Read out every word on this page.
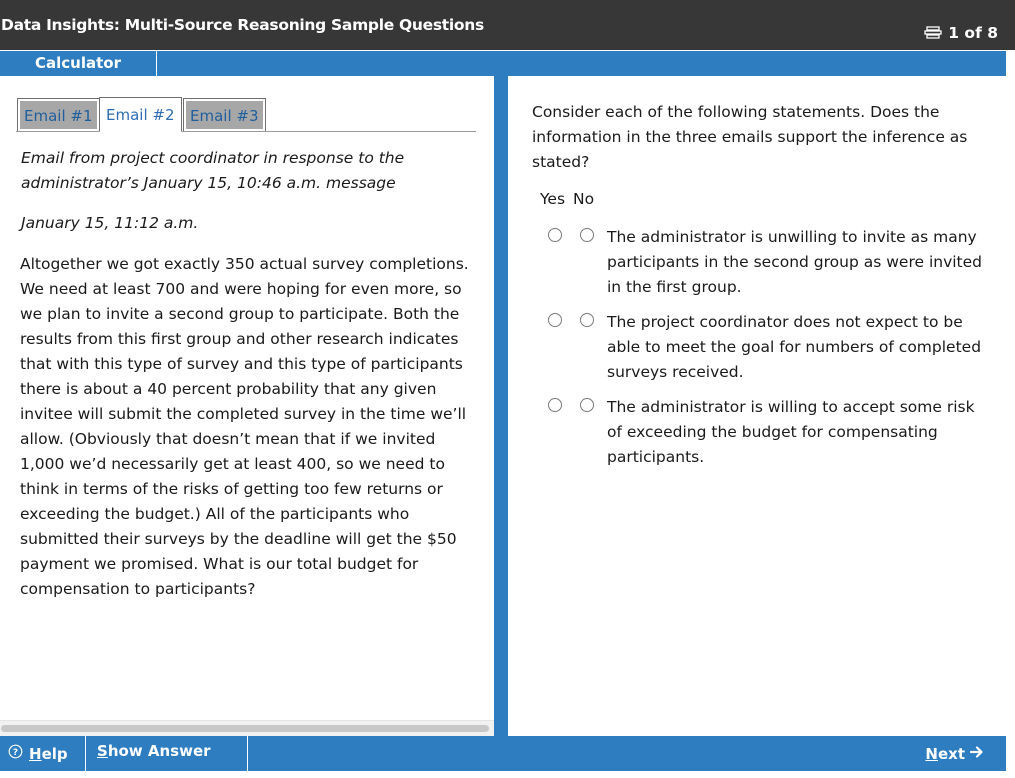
Data Insights: Multi-Source Reasoning Sample Questions	1 of 8
Calculator
Email #1 Email #2	Email #3
Email from project coordinator in response to the administrator’s January 15, 10:46 a.m. message
January 15, 11:12 a.m.
Altogether we got exactly 350 actual survey completions. We need at least 700 and were hoping for even more, so we plan to invite a second group to participate. Both the results from this first group and other research indicates that with this type of survey and this type of participants there is about a 40 percent probability that any given invitee will submit the completed survey in the time we’ll allow. (Obviously that doesn’t mean that if we invited 1,000 we’d necessarily get at least 400, so we need to think in terms of the risks of getting too few returns or exceeding the budget.) All of the participants who submitted their surveys by the deadline will get the $50 payment we promised. What is our total budget for compensation to participants?
Consider each of the following statements. Does the information in the three emails support the inference as stated?
Yes No
The administrator is unwilling to invite as many participants in the second group as were invited in the first group.
The project coordinator does not expect to be able to meet the goal for numbers of completed surveys received.
The administrator is willing to accept some risk of exceeding the budget for compensating participants.
? Help	Show Answer	Next
